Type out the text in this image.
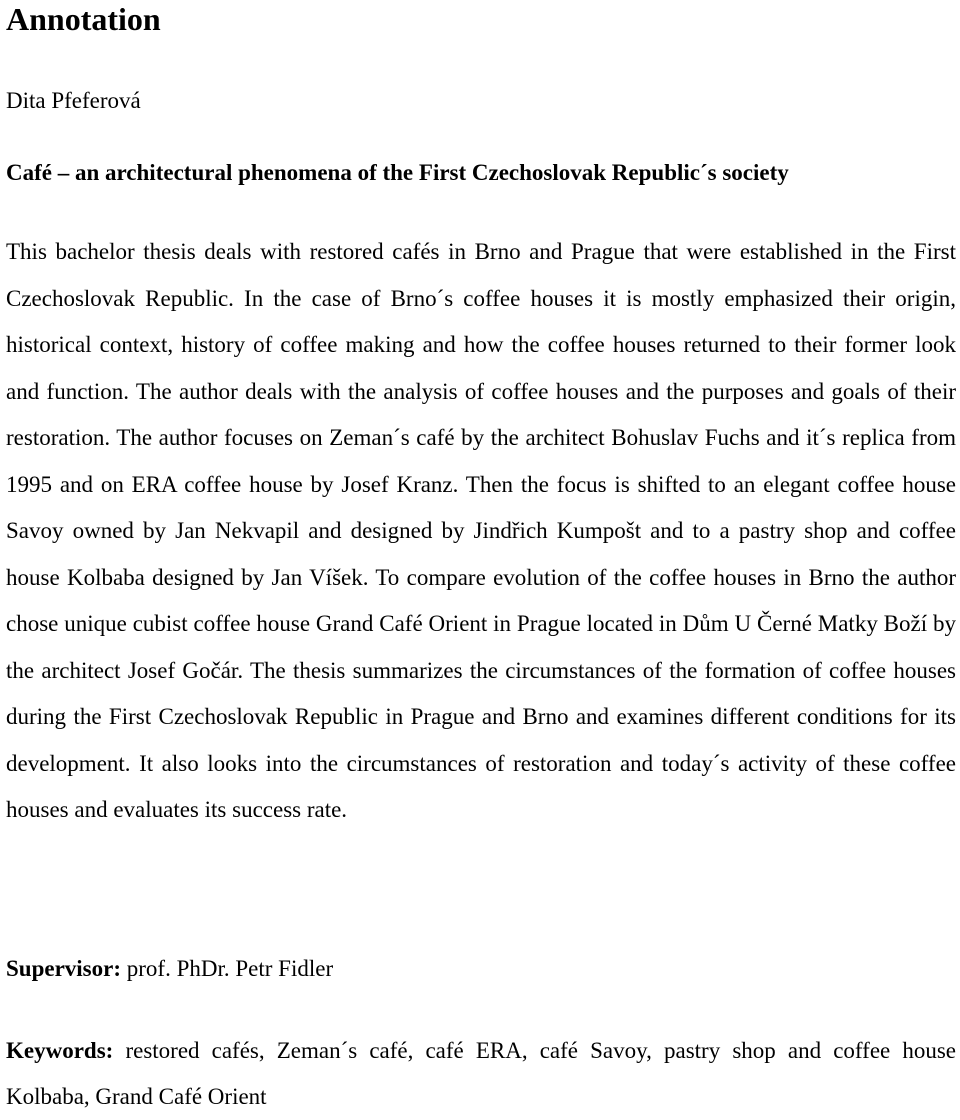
Annotation

Dita Pfeferová

Café – an architectural phenomena of the First Czechoslovak Republic´s society

This bachelor thesis deals with restored cafés in Brno and Prague that were established in the First Czechoslovak Republic. In the case of Brno´s coffee houses it is mostly emphasized their origin, historical context, history of coffee making and how the coffee houses returned to their former look and function. The author deals with the analysis of coffee houses and the purposes and goals of their restoration. The author focuses on Zeman´s café by the architect Bohuslav Fuchs and it´s replica from 1995 and on ERA coffee house by Josef Kranz. Then the focus is shifted to an elegant coffee house Savoy owned by Jan Nekvapil and designed by Jindřich Kumpošt and to a pastry shop and coffee house Kolbaba designed by Jan Víšek. To compare evolution of the coffee houses in Brno the author chose unique cubist coffee house Grand Café Orient in Prague located in Dům U Černé Matky Boží by the architect Josef Gočár. The thesis summarizes the circumstances of the formation of coffee houses during the First Czechoslovak Republic in Prague and Brno and examines different conditions for its development. It also looks into the circumstances of restoration and today´s activity of these coffee houses and evaluates its success rate.

Supervisor: prof. PhDr. Petr Fidler

Keywords: restored cafés, Zeman´s café, café ERA, café Savoy, pastry shop and coffee house Kolbaba, Grand Café Orient
